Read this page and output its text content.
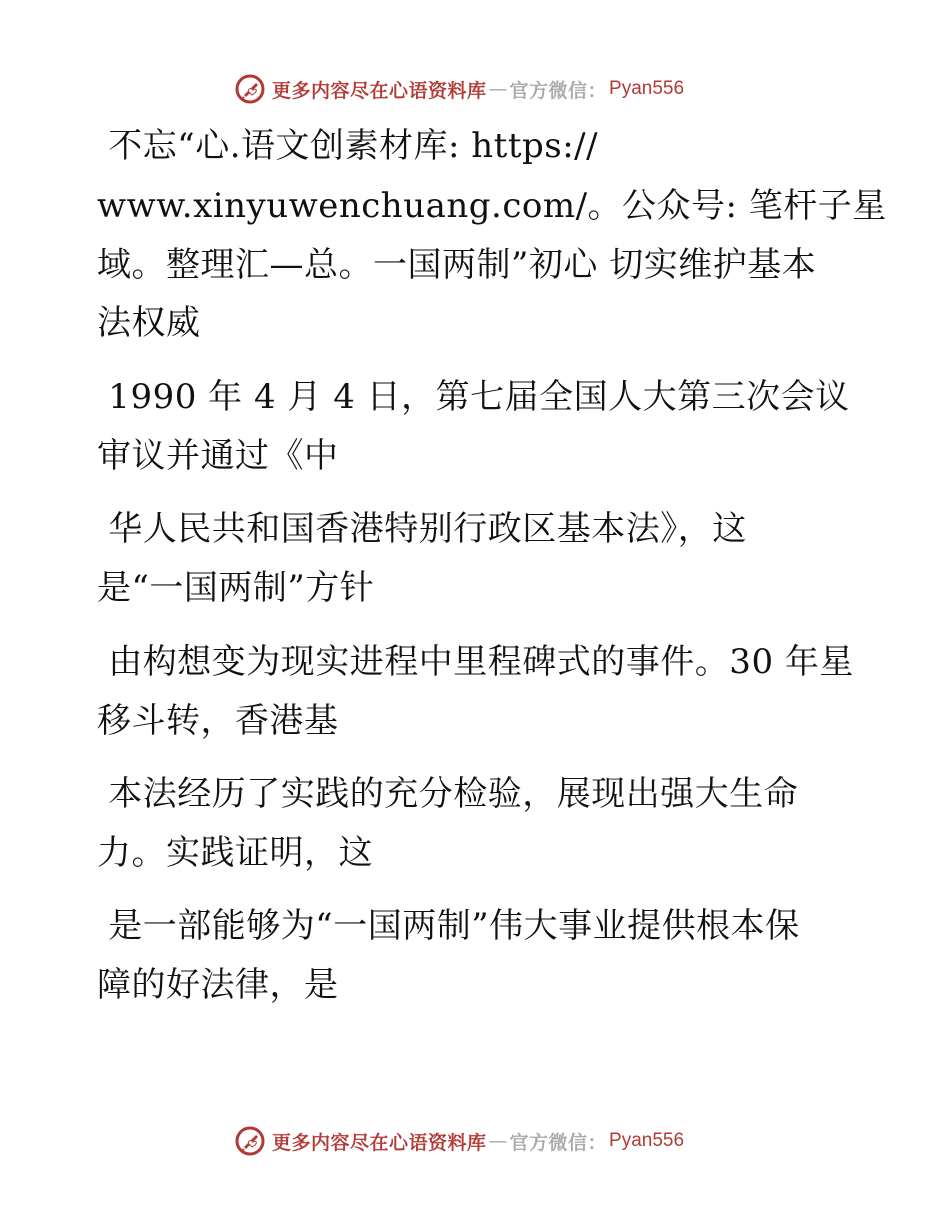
更多内容尽在心语资料库 — 官方微信： Pyan556
不忘“心.语文创素材库: https://
www.xinyuwenchuang.com/。公众号: 笔杆子星
域。整理汇—总。一国两制”初心 切实维护基本
法权威
1990 年 4 月 4 日，第七届全国人大第三次会议
审议并通过《中
华人民共和国香港特别行政区基本法》，这
是“一国两制”方针
由构想变为现实进程中里程碑式的事件。30 年星
移斗转，香港基
本法经历了实践的充分检验，展现出强大生命
力。实践证明，这
是一部能够为“一国两制”伟大事业提供根本保
障的好法律，是
更多内容尽在心语资料库 — 官方微信： Pyan556
